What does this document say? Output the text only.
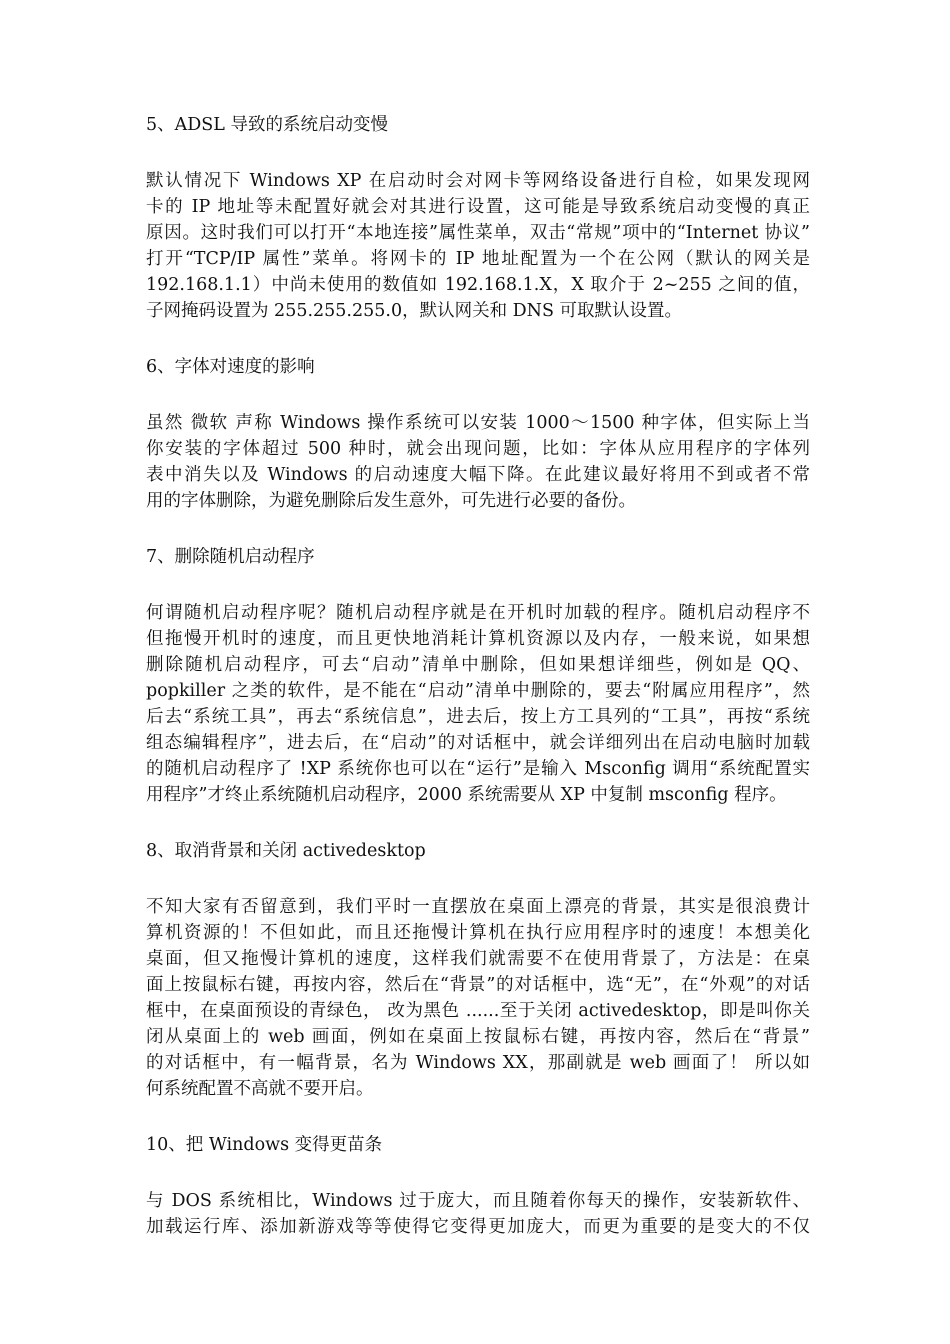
5、ADSL 导致的系统启动变慢

默认情况下 Windows XP 在启动时会对网卡等网络设备进行自检，如果发现网
卡的 IP 地址等未配置好就会对其进行设置，这可能是导致系统启动变慢的真正
原因。这时我们可以打开“本地连接”属性菜单，双击“常规”项中的“Internet 协议”
打开“TCP/IP 属性”菜单。将网卡的 IP 地址配置为一个在公网（默认的网关是
192.168.1.1）中尚未使用的数值如 192.168.1.X，X 取介于 2~255 之间的值，
子网掩码设置为 255.255.255.0，默认网关和 DNS 可取默认设置。

6、字体对速度的影响

虽然 微软 声称 Windows 操作系统可以安装 1000～1500 种字体，但实际上当
你安装的字体超过 500 种时，就会出现问题，比如：字体从应用程序的字体列
表中消失以及 Windows 的启动速度大幅下降。在此建议最好将用不到或者不常
用的字体删除，为避免删除后发生意外，可先进行必要的备份。

7、删除随机启动程序

何谓随机启动程序呢？随机启动程序就是在开机时加载的程序。随机启动程序不
但拖慢开机时的速度，而且更快地消耗计算机资源以及内存，一般来说，如果想
删除随机启动程序，可去“启动”清单中删除，但如果想详细些，例如是 QQ、
popkiller 之类的软件，是不能在“启动”清单中删除的，要去“附属应用程序”，然
后去“系统工具”，再去“系统信息”，进去后，按上方工具列的“工具”，再按“系统
组态编辑程序”，进去后，在“启动”的对话框中，就会详细列出在启动电脑时加载
的随机启动程序了 !XP 系统你也可以在“运行”是输入 Msconfig 调用“系统配置实
用程序”才终止系统随机启动程序，2000 系统需要从 XP 中复制 msconfig 程序。

8、取消背景和关闭 activedesktop

不知大家有否留意到，我们平时一直摆放在桌面上漂亮的背景，其实是很浪费计
算机资源的！不但如此，而且还拖慢计算机在执行应用程序时的速度！本想美化
桌面，但又拖慢计算机的速度，这样我们就需要不在使用背景了，方法是：在桌
面上按鼠标右键，再按内容，然后在“背景”的对话框中，选“无”，在“外观”的对话
框中，在桌面预设的青绿色， 改为黑色 ......至于关闭 activedesktop，即是叫你关
闭从桌面上的 web 画面，例如在桌面上按鼠标右键，再按内容，然后在“背景”
的对话框中，有一幅背景，名为 Windows XX，那副就是 web 画面了！ 所以如
何系统配置不高就不要开启。

10、把 Windows 变得更苗条

与 DOS 系统相比，Windows 过于庞大，而且随着你每天的操作，安装新软件、
加载运行库、添加新游戏等等使得它变得更加庞大，而更为重要的是变大的不仅
